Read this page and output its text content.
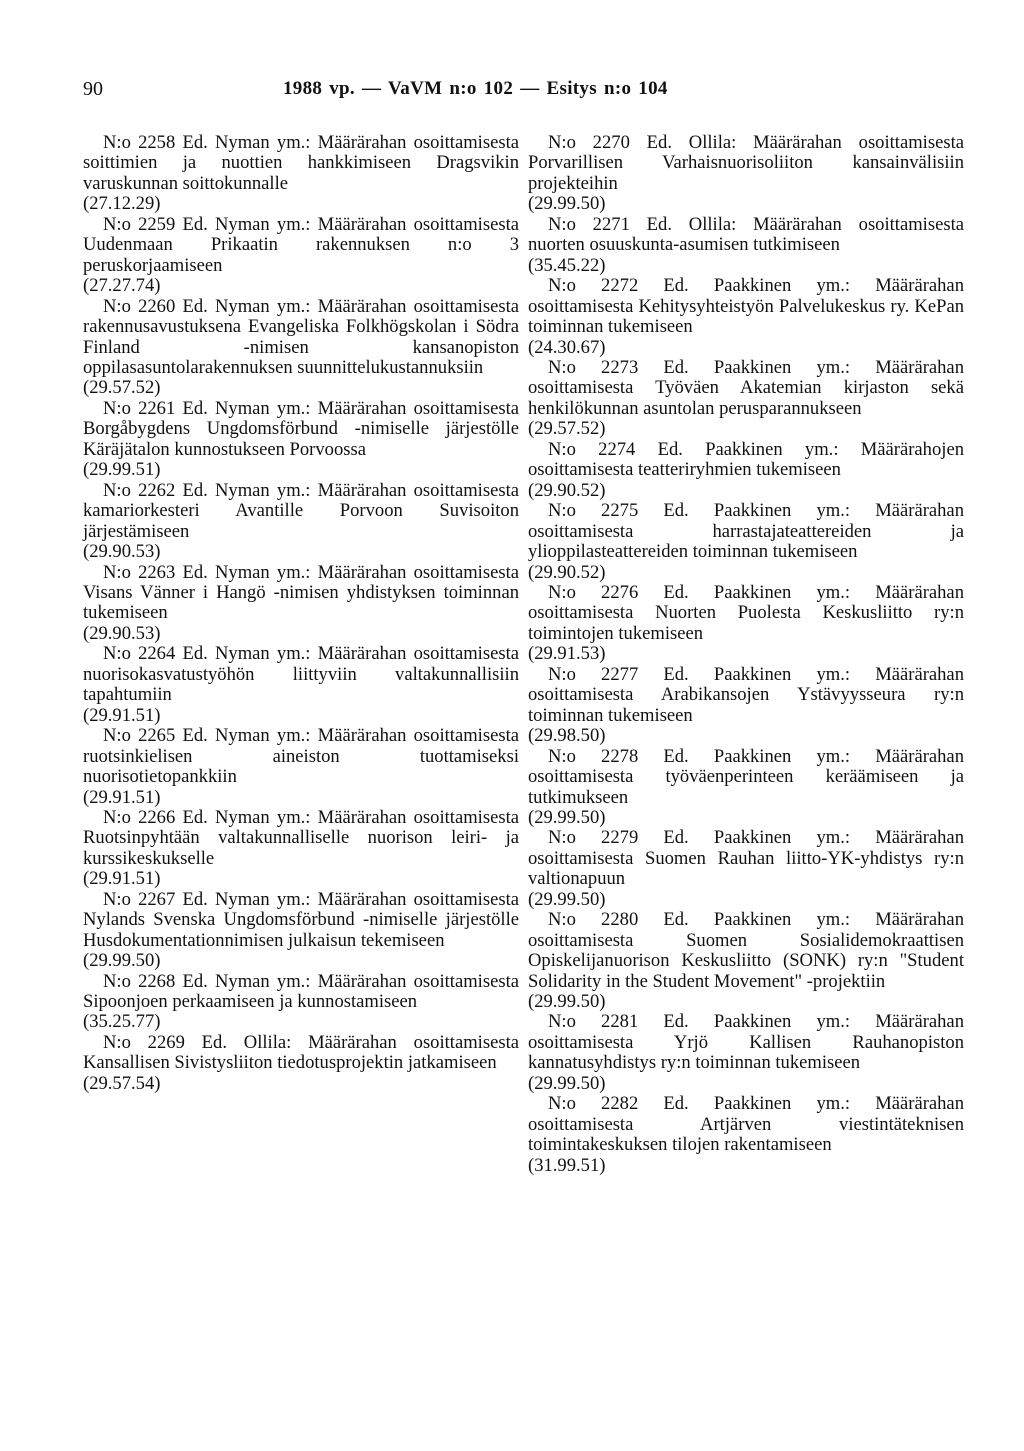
90	1988 vp. — VaVM n:o 102 — Esitys n:o 104

N:o 2258 Ed. Nyman ym.: Määrärahan osoittamisesta soittimien ja nuottien hankkimiseen Dragsvikin varuskunnan soittokunnalle
(27.12.29)

N:o 2259 Ed. Nyman ym.: Määrärahan osoittamisesta Uudenmaan Prikaatin rakennuksen n:o 3 peruskorjaamiseen
(27.27.74)

N:o 2260 Ed. Nyman ym.: Määrärahan osoittamisesta rakennusavustuksena Evangeliska Folkhögskolan i Södra Finland -nimisen kansanopiston oppilasasuntolarakennuksen suunnittelukustannuksiin
(29.57.52)

N:o 2261 Ed. Nyman ym.: Määrärahan osoittamisesta Borgåbygdens Ungdomsförbund -nimiselle järjestölle Käräjätalon kunnostukseen Porvoossa
(29.99.51)

N:o 2262 Ed. Nyman ym.: Määrärahan osoittamisesta kamariorkesteri Avantille Porvoon Suvisoiton järjestämiseen
(29.90.53)

N:o 2263 Ed. Nyman ym.: Määrärahan osoittamisesta Visans Vänner i Hangö -nimisen yhdistyksen toiminnan tukemiseen
(29.90.53)

N:o 2264 Ed. Nyman ym.: Määrärahan osoittamisesta nuorisokasvatustyöhön liittyviin valtakunnallisiin tapahtumiin
(29.91.51)

N:o 2265 Ed. Nyman ym.: Määrärahan osoittamisesta ruotsinkielisen aineiston tuottamiseksi nuorisotietopankkiin
(29.91.51)

N:o 2266 Ed. Nyman ym.: Määrärahan osoittamisesta Ruotsinpyhtään valtakunnalliselle nuorison leiri- ja kurssikeskukselle
(29.91.51)

N:o 2267 Ed. Nyman ym.: Määrärahan osoittamisesta Nylands Svenska Ungdomsförbund -nimiselle järjestölle Husdokumentationnimisen julkaisun tekemiseen
(29.99.50)

N:o 2268 Ed. Nyman ym.: Määrärahan osoittamisesta Sipoonjoen perkaamiseen ja kunnostamiseen
(35.25.77)

N:o 2269 Ed. Ollila: Määrärahan osoittamisesta Kansallisen Sivistysliiton tiedotusprojektin jatkamiseen
(29.57.54)

N:o 2270 Ed. Ollila: Määrärahan osoittamisesta Porvarillisen Varhaisnuorisoliiton kansainvälisiin projekteihin
(29.99.50)

N:o 2271 Ed. Ollila: Määrärahan osoittamisesta nuorten osuuskunta-asumisen tutkimiseen
(35.45.22)

N:o 2272 Ed. Paakkinen ym.: Määrärahan osoittamisesta Kehitysyhteistyön Palvelukeskus ry. KePan toiminnan tukemiseen
(24.30.67)

N:o 2273 Ed. Paakkinen ym.: Määrärahan osoittamisesta Työväen Akatemian kirjaston sekä henkilökunnan asuntolan perusparannukseen
(29.57.52)

N:o 2274 Ed. Paakkinen ym.: Määrärahojen osoittamisesta teatteriryhmien tukemiseen
(29.90.52)

N:o 2275 Ed. Paakkinen ym.: Määrärahan osoittamisesta harrastajateattereiden ja ylioppilasteattereiden toiminnan tukemiseen
(29.90.52)

N:o 2276 Ed. Paakkinen ym.: Määrärahan osoittamisesta Nuorten Puolesta Keskusliitto ry:n toimintojen tukemiseen
(29.91.53)

N:o 2277 Ed. Paakkinen ym.: Määrärahan osoittamisesta Arabikansojen Ystävyysseura ry:n toiminnan tukemiseen
(29.98.50)

N:o 2278 Ed. Paakkinen ym.: Määrärahan osoittamisesta työväenperinteen keräämiseen ja tutkimukseen
(29.99.50)

N:o 2279 Ed. Paakkinen ym.: Määrärahan osoittamisesta Suomen Rauhan liitto-YK-yhdistys ry:n valtionapuun
(29.99.50)

N:o 2280 Ed. Paakkinen ym.: Määrärahan osoittamisesta Suomen Sosialidemokraattisen Opiskelijanuorison Keskusliitto (SONK) ry:n "Student Solidarity in the Student Movement" -projektiin
(29.99.50)

N:o 2281 Ed. Paakkinen ym.: Määrärahan osoittamisesta Yrjö Kallisen Rauhanopiston kannatusyhdistys ry:n toiminnan tukemiseen
(29.99.50)

N:o 2282 Ed. Paakkinen ym.: Määrärahan osoittamisesta Artjärven viestintäteknisen toimintakeskuksen tilojen rakentamiseen
(31.99.51)
